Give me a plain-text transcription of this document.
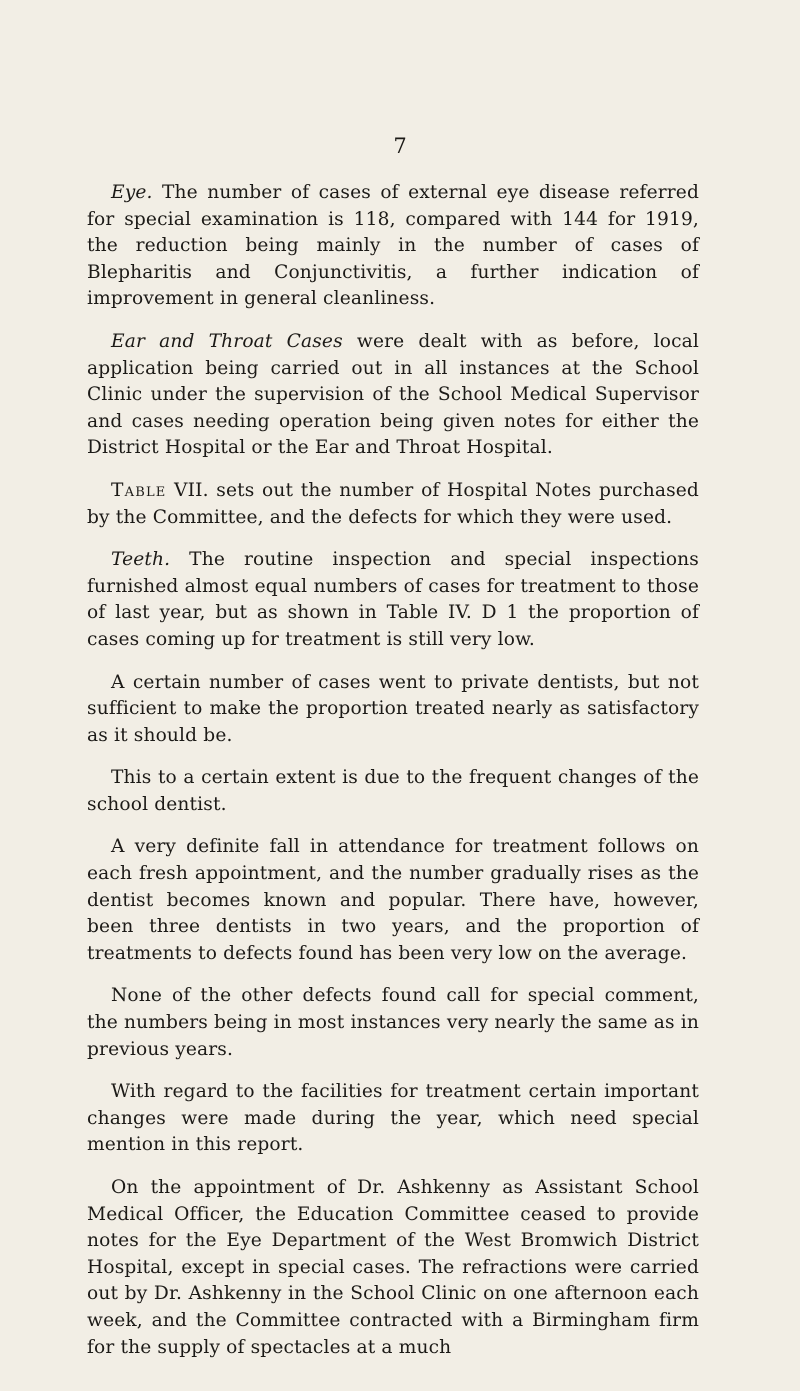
7

Eye. The number of cases of external eye disease referred for special examination is 118, compared with 144 for 1919, the reduction being mainly in the number of cases of Blepharitis and Conjunctivitis, a further indication of improvement in general cleanliness.

Ear and Throat Cases were dealt with as before, local application being carried out in all instances at the School Clinic under the supervision of the School Medical Supervisor and cases needing operation being given notes for either the District Hospital or the Ear and Throat Hospital.

Table VII. sets out the number of Hospital Notes purchased by the Committee, and the defects for which they were used.

Teeth. The routine inspection and special inspections furnished almost equal numbers of cases for treatment to those of last year, but as shown in Table IV. D 1 the proportion of cases coming up for treatment is still very low.

A certain number of cases went to private dentists, but not sufficient to make the proportion treated nearly as satisfactory as it should be.

This to a certain extent is due to the frequent changes of the school dentist.

A very definite fall in attendance for treatment follows on each fresh appointment, and the number gradually rises as the dentist becomes known and popular. There have, however, been three dentists in two years, and the proportion of treatments to defects found has been very low on the average.

None of the other defects found call for special comment, the numbers being in most instances very nearly the same as in previous years.

With regard to the facilities for treatment certain important changes were made during the year, which need special mention in this report.

On the appointment of Dr. Ashkenny as Assistant School Medical Officer, the Education Committee ceased to provide notes for the Eye Department of the West Bromwich District Hospital, except in special cases. The refractions were carried out by Dr. Ashkenny in the School Clinic on one afternoon each week, and the Committee contracted with a Birmingham firm for the supply of spectacles at a much
